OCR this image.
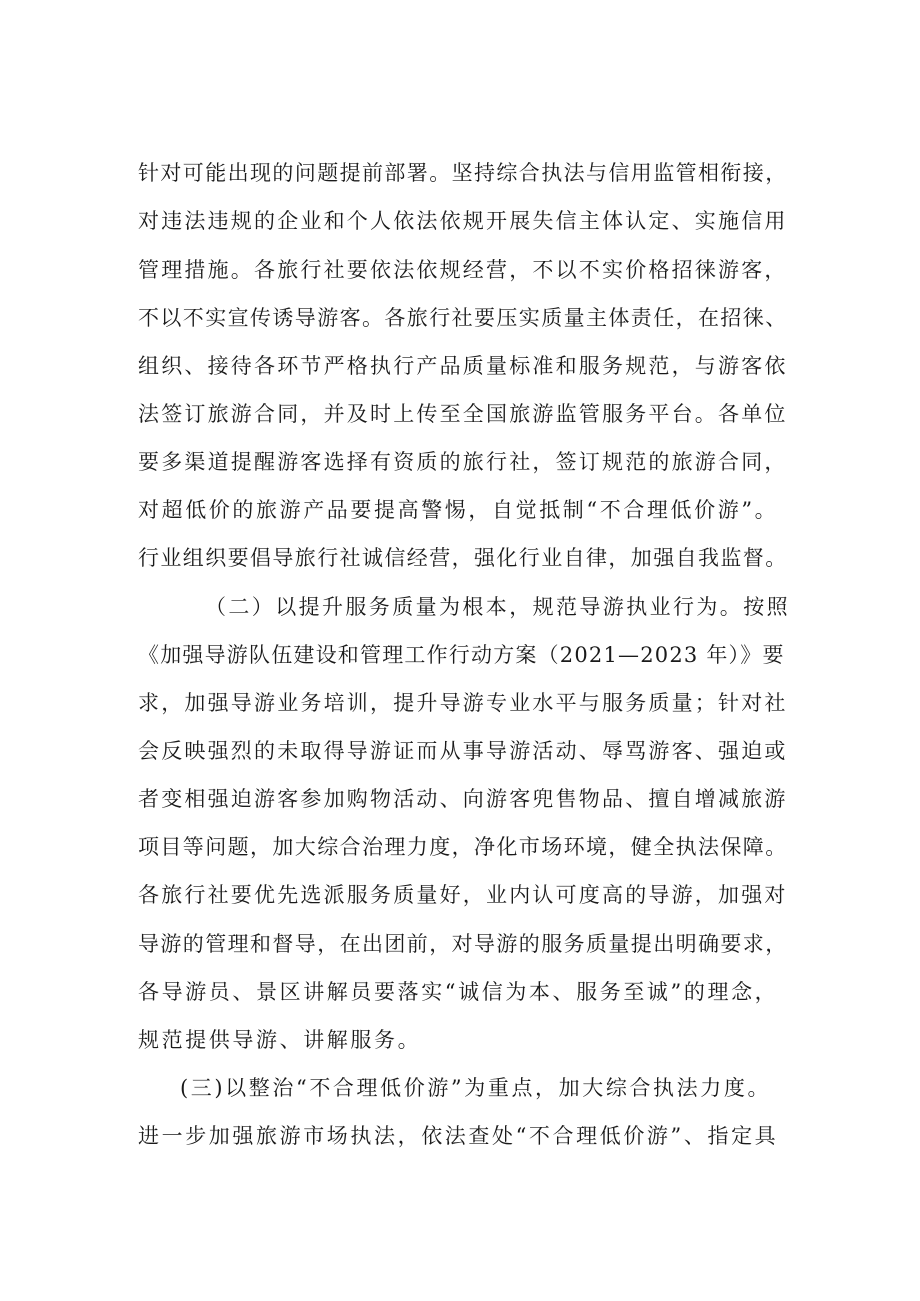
针对可能出现的问题提前部署。坚持综合执法与信用监管相衔接，
对违法违规的企业和个人依法依规开展失信主体认定、实施信用
管理措施。各旅行社要依法依规经营，不以不实价格招徕游客，
不以不实宣传诱导游客。各旅行社要压实质量主体责任，在招徕、
组织、接待各环节严格执行产品质量标准和服务规范，与游客依
法签订旅游合同，并及时上传至全国旅游监管服务平台。各单位
要多渠道提醒游客选择有资质的旅行社，签订规范的旅游合同，
对超低价的旅游产品要提高警惕，自觉抵制“不合理低价游”。
行业组织要倡导旅行社诚信经营，强化行业自律，加强自我监督。
（二）以提升服务质量为根本，规范导游执业行为。按照
《加强导游队伍建设和管理工作行动方案（2021—2023 年）》要
求，加强导游业务培训，提升导游专业水平与服务质量；针对社
会反映强烈的未取得导游证而从事导游活动、辱骂游客、强迫或
者变相强迫游客参加购物活动、向游客兜售物品、擅自增减旅游
项目等问题，加大综合治理力度，净化市场环境，健全执法保障。
各旅行社要优先选派服务质量好，业内认可度高的导游，加强对
导游的管理和督导，在出团前，对导游的服务质量提出明确要求，
各导游员、景区讲解员要落实“诚信为本、服务至诚”的理念，
规范提供导游、讲解服务。
(三)以整治“不合理低价游”为重点，加大综合执法力度。
进一步加强旅游市场执法，依法查处“不合理低价游”、指定具
